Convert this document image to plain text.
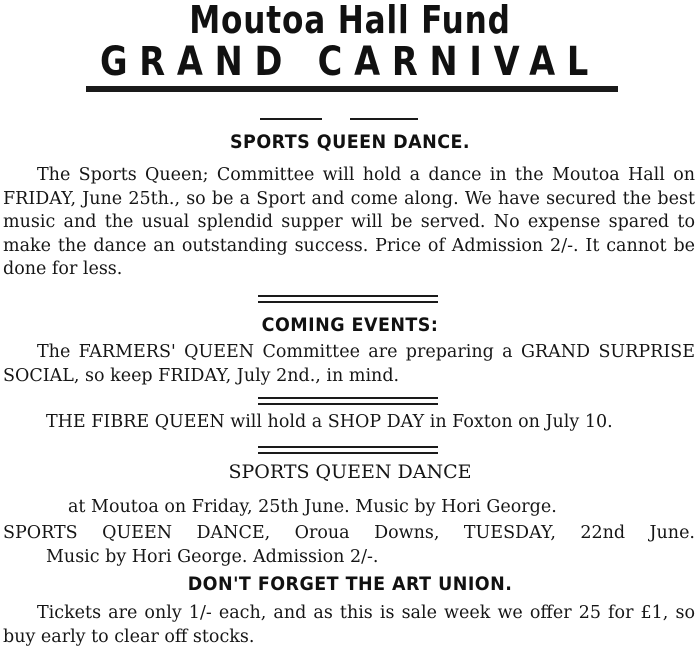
Moutoa Hall Fund
GRAND CARNIVAL
SPORTS QUEEN DANCE.
The Sports Queen; Committee will hold a dance in the Moutoa Hall on FRIDAY, June 25th., so be a Sport and come along. We have secured the best music and the usual splendid supper will be served. No expense spared to make the dance an outstanding success. Price of Admission 2/-. It cannot be done for less.
COMING EVENTS:
The FARMERS' QUEEN Committee are preparing a GRAND SURPRISE SOCIAL, so keep FRIDAY, July 2nd., in mind.
THE FIBRE QUEEN will hold a SHOP DAY in Foxton on July 10.
SPORTS QUEEN DANCE
at Moutoa on Friday, 25th June. Music by Hori George.
SPORTS QUEEN DANCE, Oroua Downs, TUESDAY, 22nd June.
Music by Hori George. Admission 2/-.
DON'T FORGET THE ART UNION.
Tickets are only 1/- each, and as this is sale week we offer 25 for £1, so buy early to clear off stocks.
